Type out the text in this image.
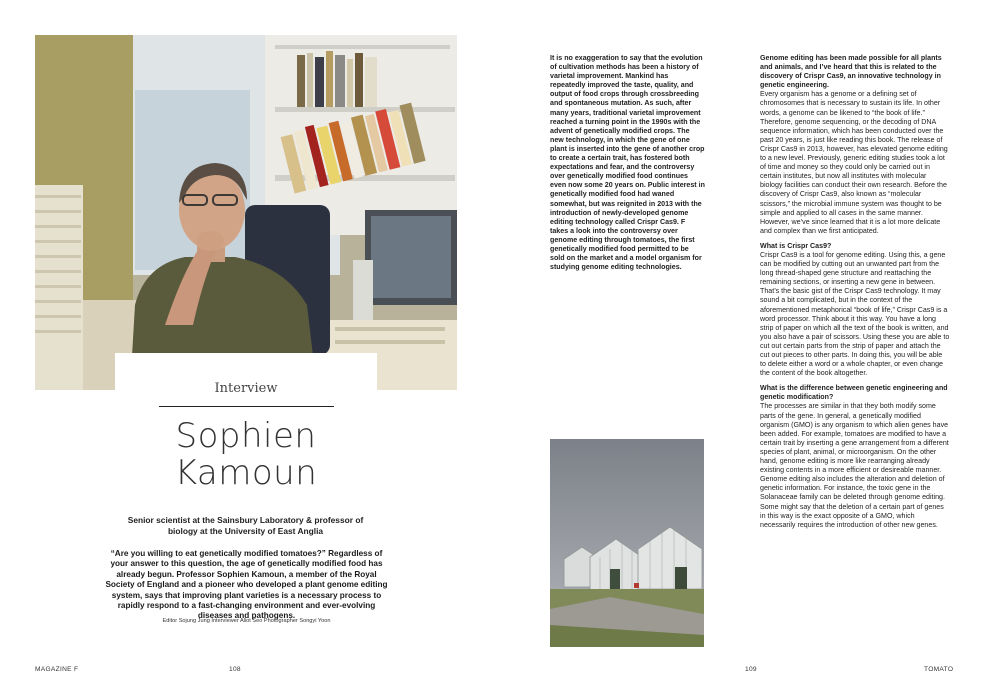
Interview
Sophien
Kamoun
Senior scientist at the Sainsbury Laboratory & professor of biology at the University of East Anglia
“Are you willing to eat genetically modified tomatoes?” Regardless of your answer to this question, the age of genetically modified food has already begun. Professor Sophien Kamoun, a member of the Royal Society of England and a pioneer who developed a plant genome editing system, says that improving plant varieties is a necessary process to rapidly respond to a fast-changing environment and ever-evolving diseases and pathogens.
Editor Sojung Jung Interviewer Aliot Seo Photographer Songyi Yoon
MAGAZINE F	108
It is no exaggeration to say that the evolution of cultivation methods has been a history of varietal improvement. Mankind has repeatedly improved the taste, quality, and output of food crops through crossbreeding and spontaneous mutation. As such, after many years, traditional varietal improvement reached a turning point in the 1990s with the advent of genetically modified crops. The new technology, in which the gene of one plant is inserted into the gene of another crop to create a certain trait, has fostered both expectations and fear, and the controversy over genetically modified food continues even now some 20 years on. Public interest in genetically modified food had waned somewhat, but was reignited in 2013 with the introduction of newly-developed genome editing technology called Crispr Cas9. F takes a look into the controversy over genome editing through tomatoes, the first genetically modified food permitted to be sold on the market and a model organism for studying genome editing technologies.

Genome editing has been made possible for all plants and animals, and I’ve heard that this is related to the discovery of Crispr Cas9, an innovative technology in genetic engineering.

Every organism has a genome or a defining set of chromosomes that is necessary to sustain its life. In other words, a genome can be likened to “the book of life.” Therefore, genome sequencing, or the decoding of DNA sequence information, which has been conducted over the past 20 years, is just like reading this book. The release of Crispr Cas9 in 2013, however, has elevated genome editing to a new level. Previously, generic editing studies took a lot of time and money so they could only be carried out in certain institutes, but now all institutes with molecular biology facilities can conduct their own research. Before the discovery of Crispr Cas9, also known as “molecular scissors,” the microbial immune system was thought to be simple and applied to all cases in the same manner. However, we’ve since learned that it is a lot more delicate and complex than we first anticipated.

What is Crispr Cas9?

Crispr Cas9 is a tool for genome editing. Using this, a gene can be modified by cutting out an unwanted part from the long thread-shaped gene structure and reattaching the remaining sections, or inserting a new gene in between. That’s the basic gist of the Crispr Cas9 technology. It may sound a bit complicated, but in the context of the aforementioned metaphorical “book of life,” Crispr Cas9 is a word processor. Think about it this way. You have a long strip of paper on which all the text of the book is written, and you also have a pair of scissors. Using these you are able to cut out certain parts from the strip of paper and attach the cut out pieces to other parts. In doing this, you will be able to delete either a word or a whole chapter, or even change the content of the book altogether.

What is the difference between genetic engineering and genetic modification?

The processes are similar in that they both modify some parts of the gene. In general, a genetically modified organism (GMO) is any organism to which alien genes have been added. For example, tomatoes are modified to have a certain trait by inserting a gene arrangement from a different species of plant, animal, or microorganism. On the other hand, genome editing is more like rearranging already existing contents in a more efficient or desireable manner. Genome editing also includes the alteration and deletion of genetic information. For instance, the toxic gene in the Solanaceae family can be deleted through genome editing. Some might say that the deletion of a certain part of genes in this way is the exact opposite of a GMO, which necessarily requires the introduction of other new genes.

109	TOMATO
